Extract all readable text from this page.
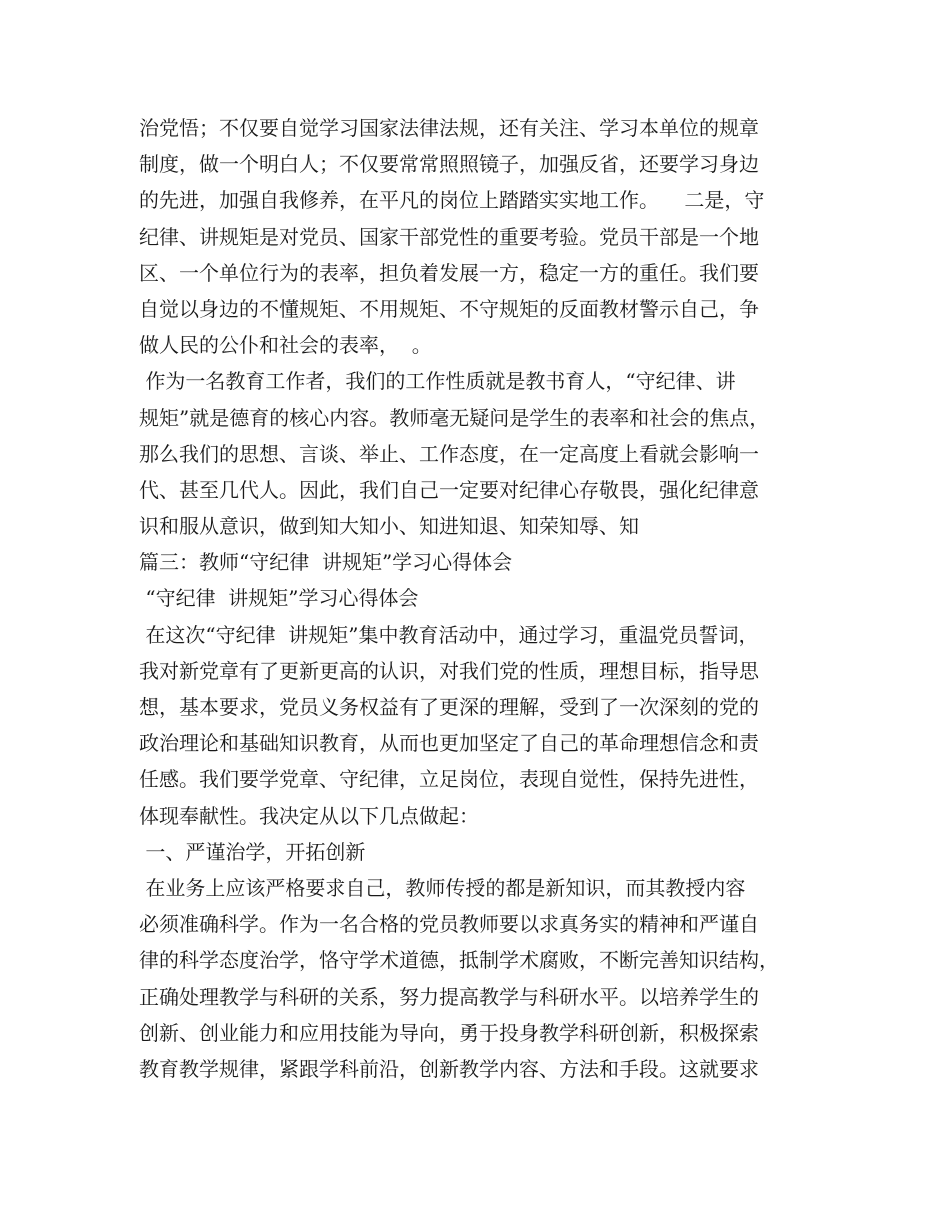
治党悟；不仅要自觉学习国家法律法规，还有关注、学习本单位的规章
制度，做一个明白人；不仅要常常照照镜子，加强反省，还要学习身边
的先进，加强自我修养，在平凡的岗位上踏踏实实地工作。    二是，守
纪律、讲规矩是对党员、国家干部党性的重要考验。党员干部是一个地
区、一个单位行为的表率，担负着发展一方，稳定一方的重任。我们要
自觉以身边的不懂规矩、不用规矩、不守规矩的反面教材警示自己，争
做人民的公仆和社会的表率，  。
作为一名教育工作者，我们的工作性质就是教书育人，“守纪律、讲
规矩”就是德育的核心内容。教师毫无疑问是学生的表率和社会的焦点，
那么我们的思想、言谈、举止、工作态度，在一定高度上看就会影响一
代、甚至几代人。因此，我们自己一定要对纪律心存敬畏，强化纪律意
识和服从意识，做到知大知小、知进知退、知荣知辱、知
篇三：教师“守纪律  讲规矩”学习心得体会
“守纪律  讲规矩”学习心得体会
在这次“守纪律  讲规矩”集中教育活动中，通过学习，重温党员誓词，
我对新党章有了更新更高的认识，对我们党的性质，理想目标，指导思
想，基本要求，党员义务权益有了更深的理解，受到了一次深刻的党的
政治理论和基础知识教育，从而也更加坚定了自己的革命理想信念和责
任感。我们要学党章、守纪律，立足岗位，表现自觉性，保持先进性，
体现奉献性。我决定从以下几点做起：
一、严谨治学，开拓创新
在业务上应该严格要求自己，教师传授的都是新知识，而其教授内容
必须准确科学。作为一名合格的党员教师要以求真务实的精神和严谨自
律的科学态度治学，恪守学术道德，抵制学术腐败，不断完善知识结构，
正确处理教学与科研的关系，努力提高教学与科研水平。以培养学生的
创新、创业能力和应用技能为导向，勇于投身教学科研创新，积极探索
教育教学规律，紧跟学科前沿，创新教学内容、方法和手段。这就要求
